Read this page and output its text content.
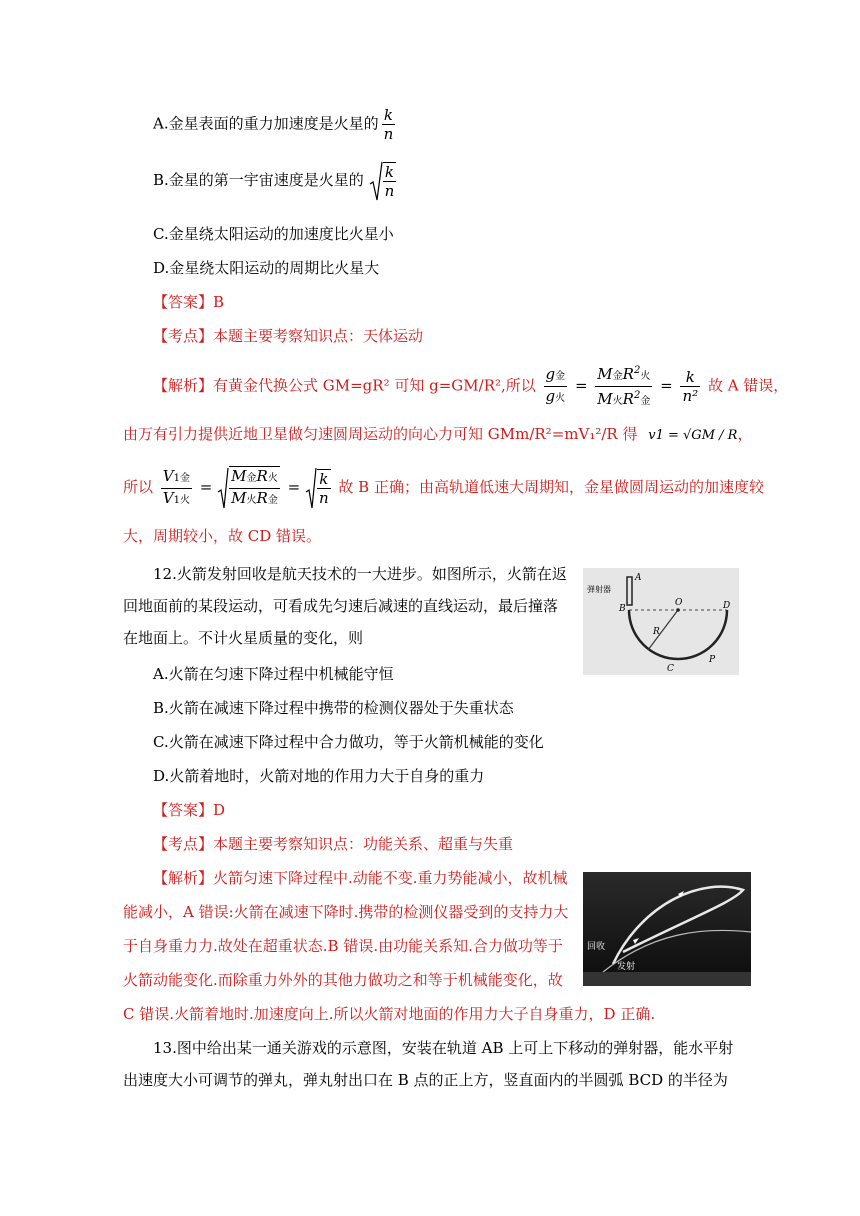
A.金星表面的重力加速度是火星的 $\frac{k}{n}$
B.金星的第一宇宙速度是火星的 $\frac{k}{n}$
C.金星绕太阳运动的加速度比火星小
D.金星绕太阳运动的周期比火星大
【答案】B
【考点】本题主要考察知识点：天体运动
【解析】有黄金代换公式 GM=gR² 可知 g=GM/R²,所以 $\frac{\text{g金}}{\text{g火}} = \frac{M金R^2火}{M火R^2金} = \frac{k}{\text{n²}}$ 故 A 错误，
由万有引力提供近地卫星做匀速圆周运动的向心力可知 GMm/R²=mV₁²/R 得 v1 = √GM / R，
所以 $\frac{\text{V1金}}{\text{V1火}} = \frac{\text{M金R火}}{\text{M火R金}} = \frac{k}{n}$ 故 B 正确；由高轨道低速大周期知，金星做圆周运动的加速度较
大，周期较小，故 CD 错误。
12.火箭发射回收是航天技术的一大进步。如图所示，火箭在返
回地面前的某段运动，可看成先匀速后减速的直线运动，最后撞落
在地面上。不计火星质量的变化，则
弹射器
A
B
O	D
R
C
P
A.火箭在匀速下降过程中机械能守恒
B.火箭在减速下降过程中携带的检测仪器处于失重状态
C.火箭在减速下降过程中合力做功，等于火箭机械能的变化
D.火箭着地时，火箭对地的作用力大于自身的重力
【答案】D
【考点】本题主要考察知识点：功能关系、超重与失重
【解析】火箭匀速下降过程中.动能不变.重力势能减小，故机械
能减小，A 错误:火箭在减速下降时.携带的检测仪器受到的支持力大
于自身重力力.故处在超重状态.B 错误.由功能关系知.合力做功等于
火箭动能变化.而除重力外外的其他力做功之和等于机械能变化，故
C 错误.火箭着地时.加速度向上.所以火箭对地面的作用力大子自身重力，D 正确.
回收
发射
13.图中给出某一通关游戏的示意图，安装在轨道 AB 上可上下移动的弹射器，能水平射
出速度大小可调节的弹丸，弹丸射出口在 B 点的正上方，竖直面内的半圆弧 BCD 的半径为
